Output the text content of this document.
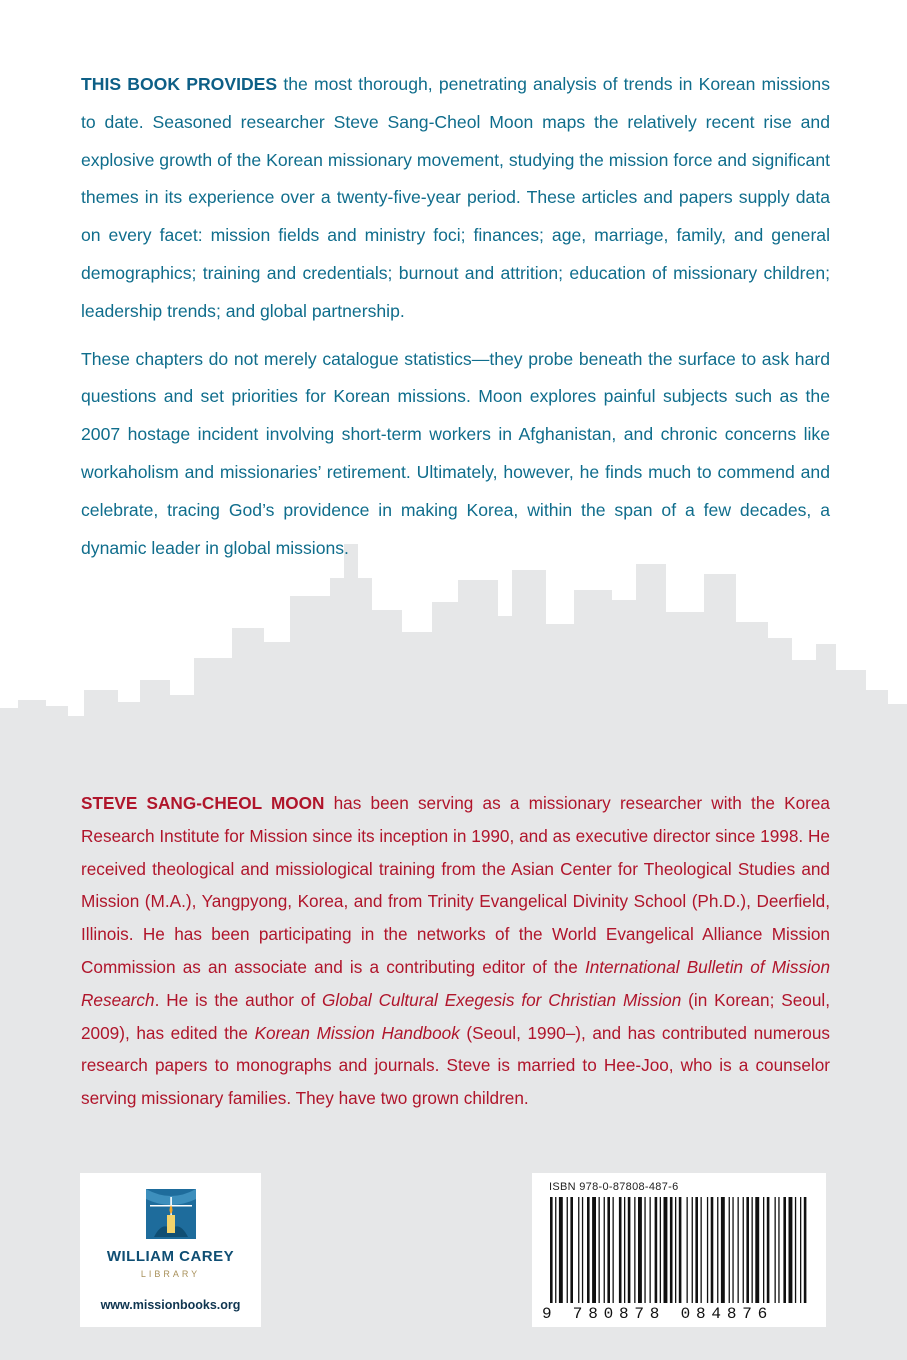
THIS BOOK PROVIDES the most thorough, penetrating analysis of trends in Korean missions to date. Seasoned researcher Steve Sang-Cheol Moon maps the relatively recent rise and explosive growth of the Korean missionary movement, studying the mission force and significant themes in its experience over a twenty-five-year period. These articles and papers supply data on every facet: mission fields and ministry foci; finances; age, marriage, family, and general demographics; training and credentials; burnout and attrition; education of missionary children; leadership trends; and global partnership.

These chapters do not merely catalogue statistics—they probe beneath the surface to ask hard questions and set priorities for Korean missions. Moon explores painful subjects such as the 2007 hostage incident involving short-term workers in Afghanistan, and chronic concerns like workaholism and missionaries’ retirement. Ultimately, however, he finds much to commend and celebrate, tracing God’s providence in making Korea, within the span of a few decades, a dynamic leader in global missions.

STEVE SANG-CHEOL MOON has been serving as a missionary researcher with the Korea Research Institute for Mission since its inception in 1990, and as executive director since 1998. He received theological and missiological training from the Asian Center for Theological Studies and Mission (M.A.), Yangpyong, Korea, and from Trinity Evangelical Divinity School (Ph.D.), Deerfield, Illinois. He has been participating in the networks of the World Evangelical Alliance Mission Commission as an associate and is a contributing editor of the International Bulletin of Mission Research. He is the author of Global Cultural Exegesis for Christian Mission (in Korean; Seoul, 2009), has edited the Korean Mission Handbook (Seoul, 1990–), and has contributed numerous research papers to monographs and journals. Steve is married to Hee-Joo, who is a counselor serving missionary families. They have two grown children.

WILLIAM CAREY
LIBRARY
www.missionbooks.org
ISBN 978-0-87808-487-6
9 780878 084876
